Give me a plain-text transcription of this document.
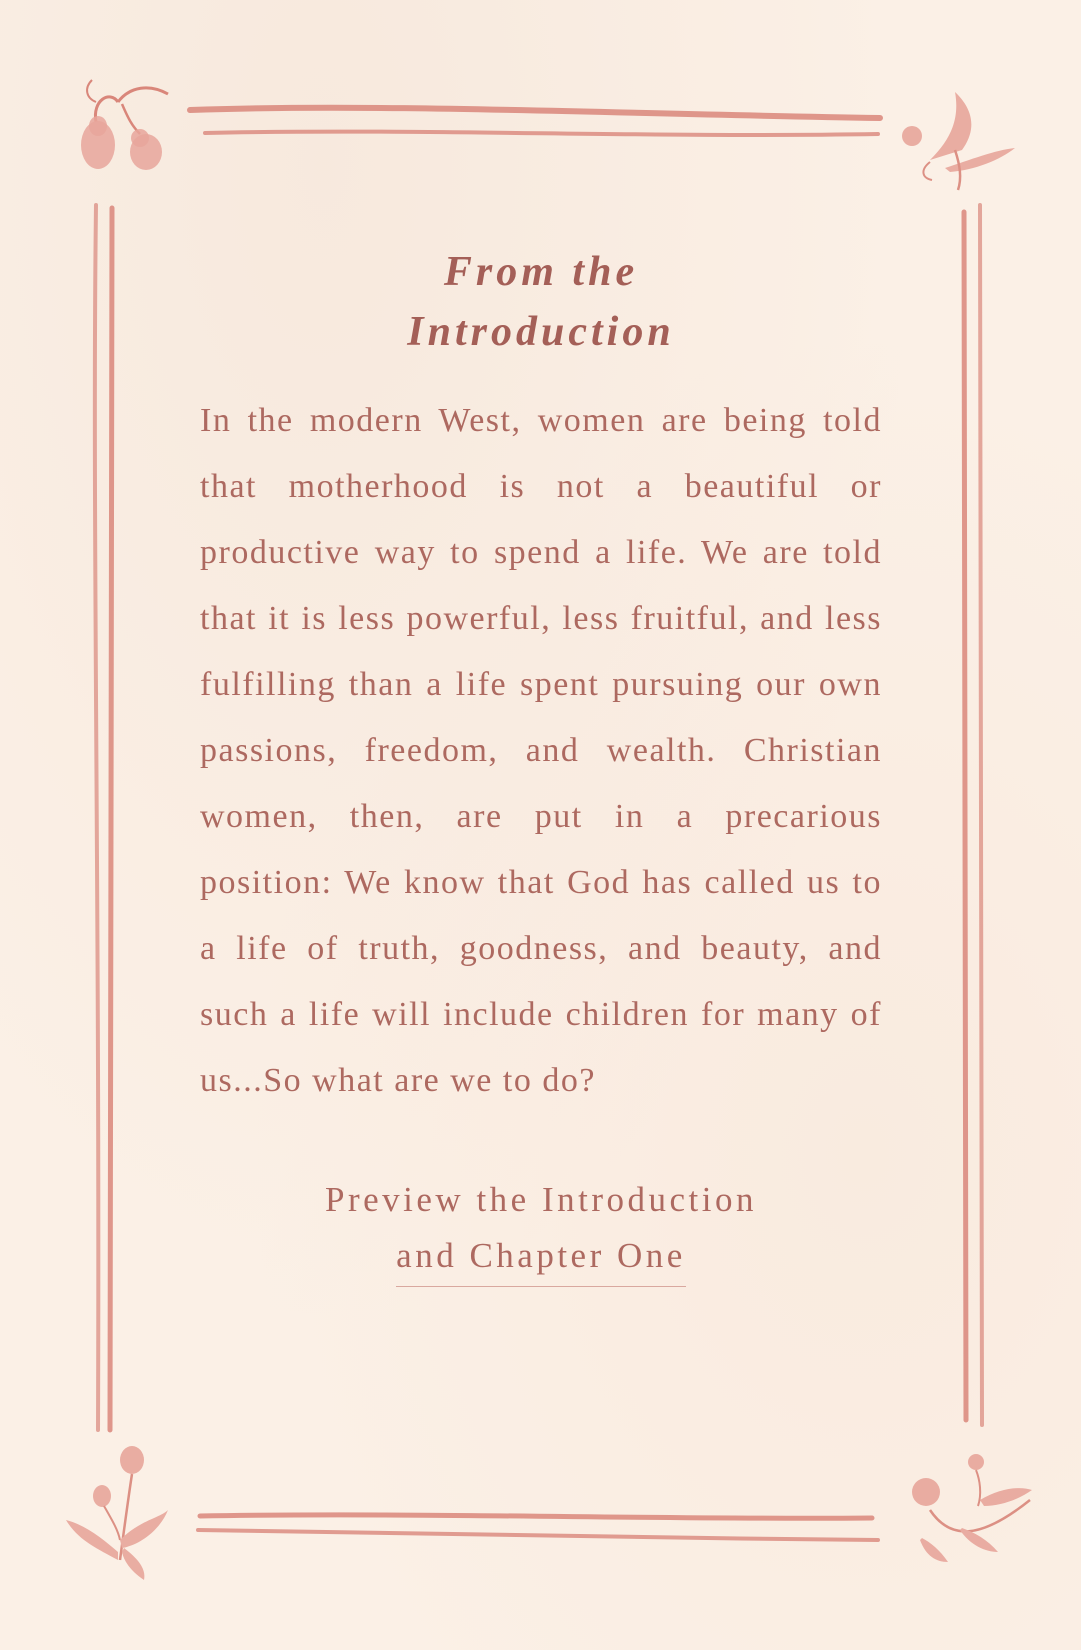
From the
Introduction

In the modern West, women are being told that motherhood is not a beautiful or productive way to spend a life. We are told that it is less powerful, less fruitful, and less fulfilling than a life spent pursuing our own passions, freedom, and wealth. Christian women, then, are put in a precarious position: We know that God has called us to a life of truth, goodness, and beauty, and such a life will include children for many of us...So what are we to do?

Preview the Introduction
and Chapter One
